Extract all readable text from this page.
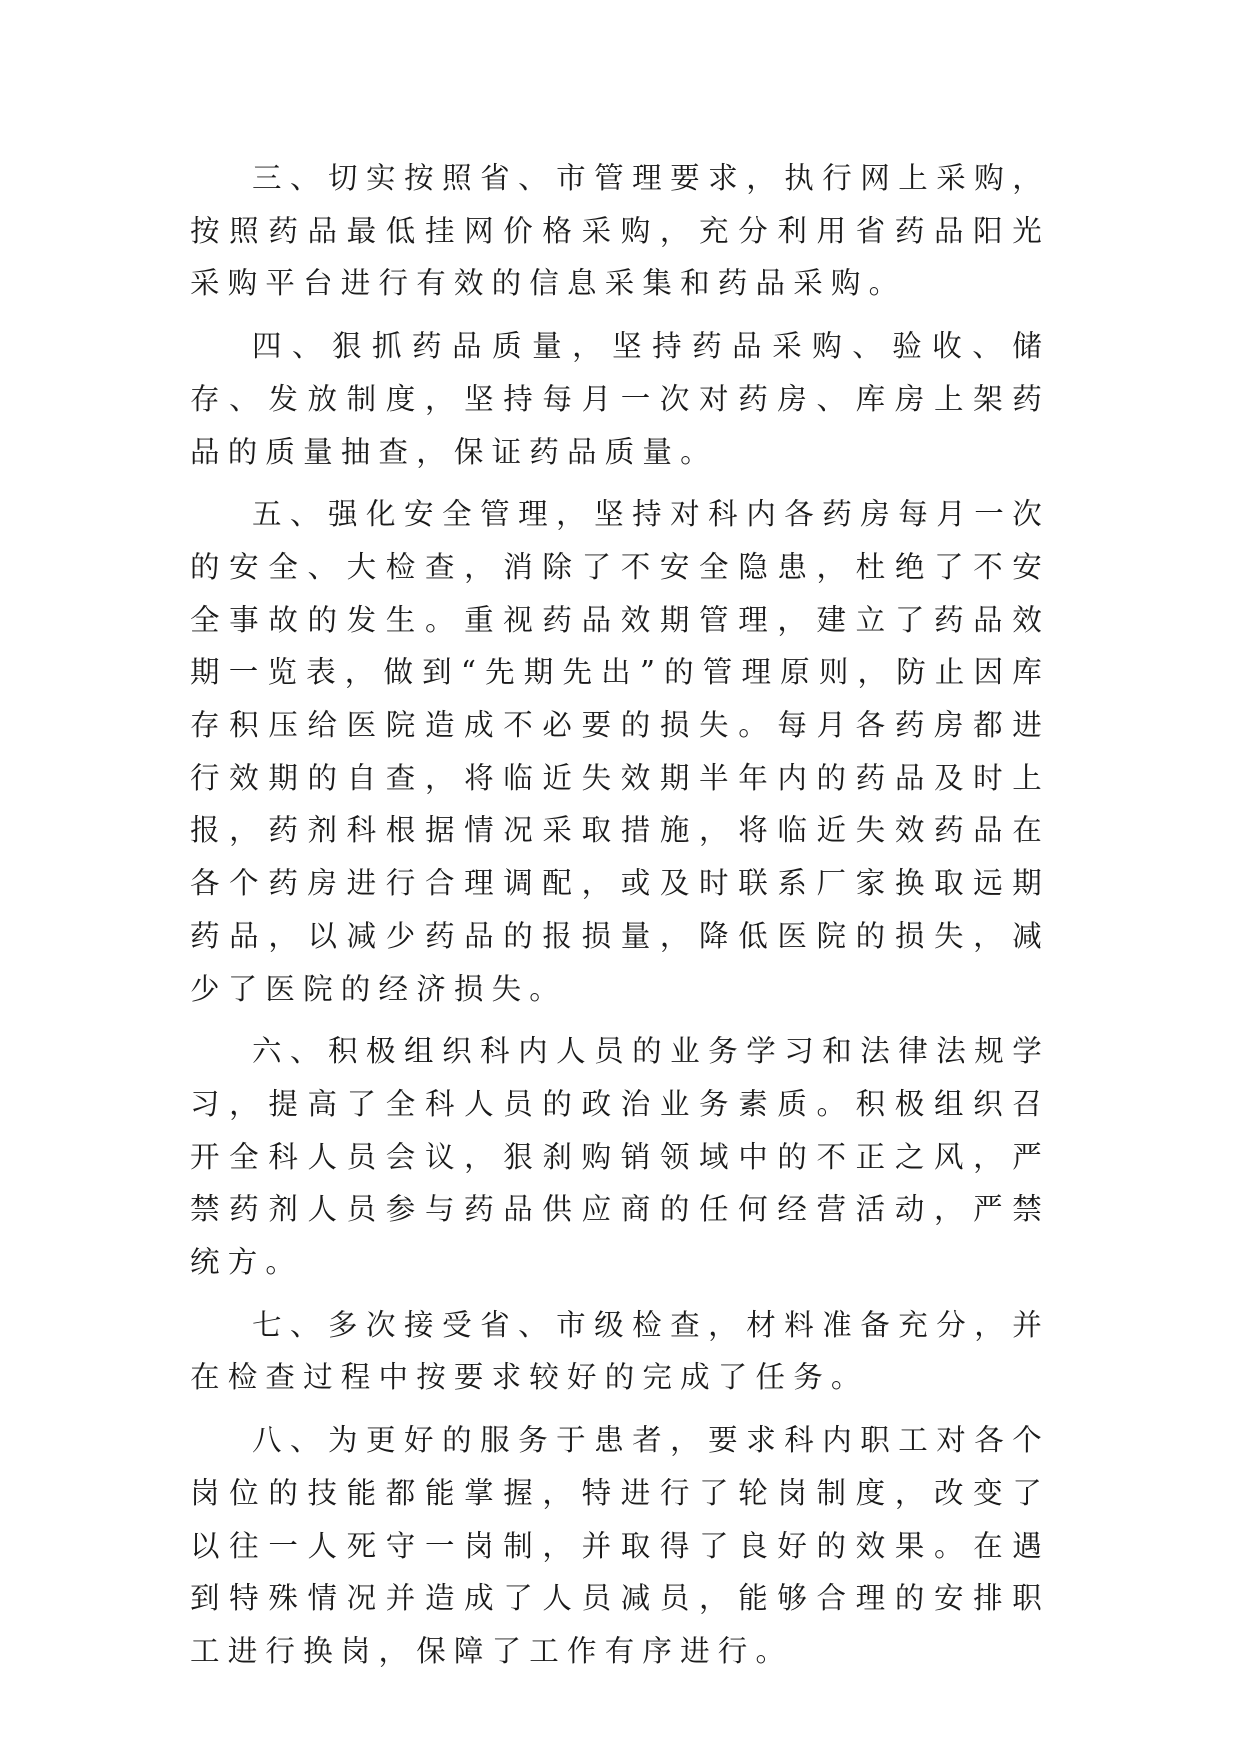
三、切实按照省、市管理要求，执行网上采购，按照药品最低挂网价格采购，充分利用省药品阳光采购平台进行有效的信息采集和药品采购。

四、狠抓药品质量，坚持药品采购、验收、储存、发放制度，坚持每月一次对药房、库房上架药品的质量抽查，保证药品质量。

五、强化安全管理，坚持对科内各药房每月一次的安全、大检查，消除了不安全隐患，杜绝了不安全事故的发生。重视药品效期管理，建立了药品效期一览表，做到“先期先出”的管理原则，防止因库存积压给医院造成不必要的损失。每月各药房都进行效期的自查，将临近失效期半年内的药品及时上报，药剂科根据情况采取措施，将临近失效药品在各个药房进行合理调配，或及时联系厂家换取远期药品，以减少药品的报损量，降低医院的损失，减少了医院的经济损失。

六、积极组织科内人员的业务学习和法律法规学习，提高了全科人员的政治业务素质。积极组织召开全科人员会议，狠刹购销领域中的不正之风，严禁药剂人员参与药品供应商的任何经营活动，严禁统方。

七、多次接受省、市级检查，材料准备充分，并在检查过程中按要求较好的完成了任务。

八、为更好的服务于患者，要求科内职工对各个岗位的技能都能掌握，特进行了轮岗制度，改变了以往一人死守一岗制，并取得了良好的效果。在遇到特殊情况并造成了人员减员，能够合理的安排职工进行换岗，保障了工作有序进行。
